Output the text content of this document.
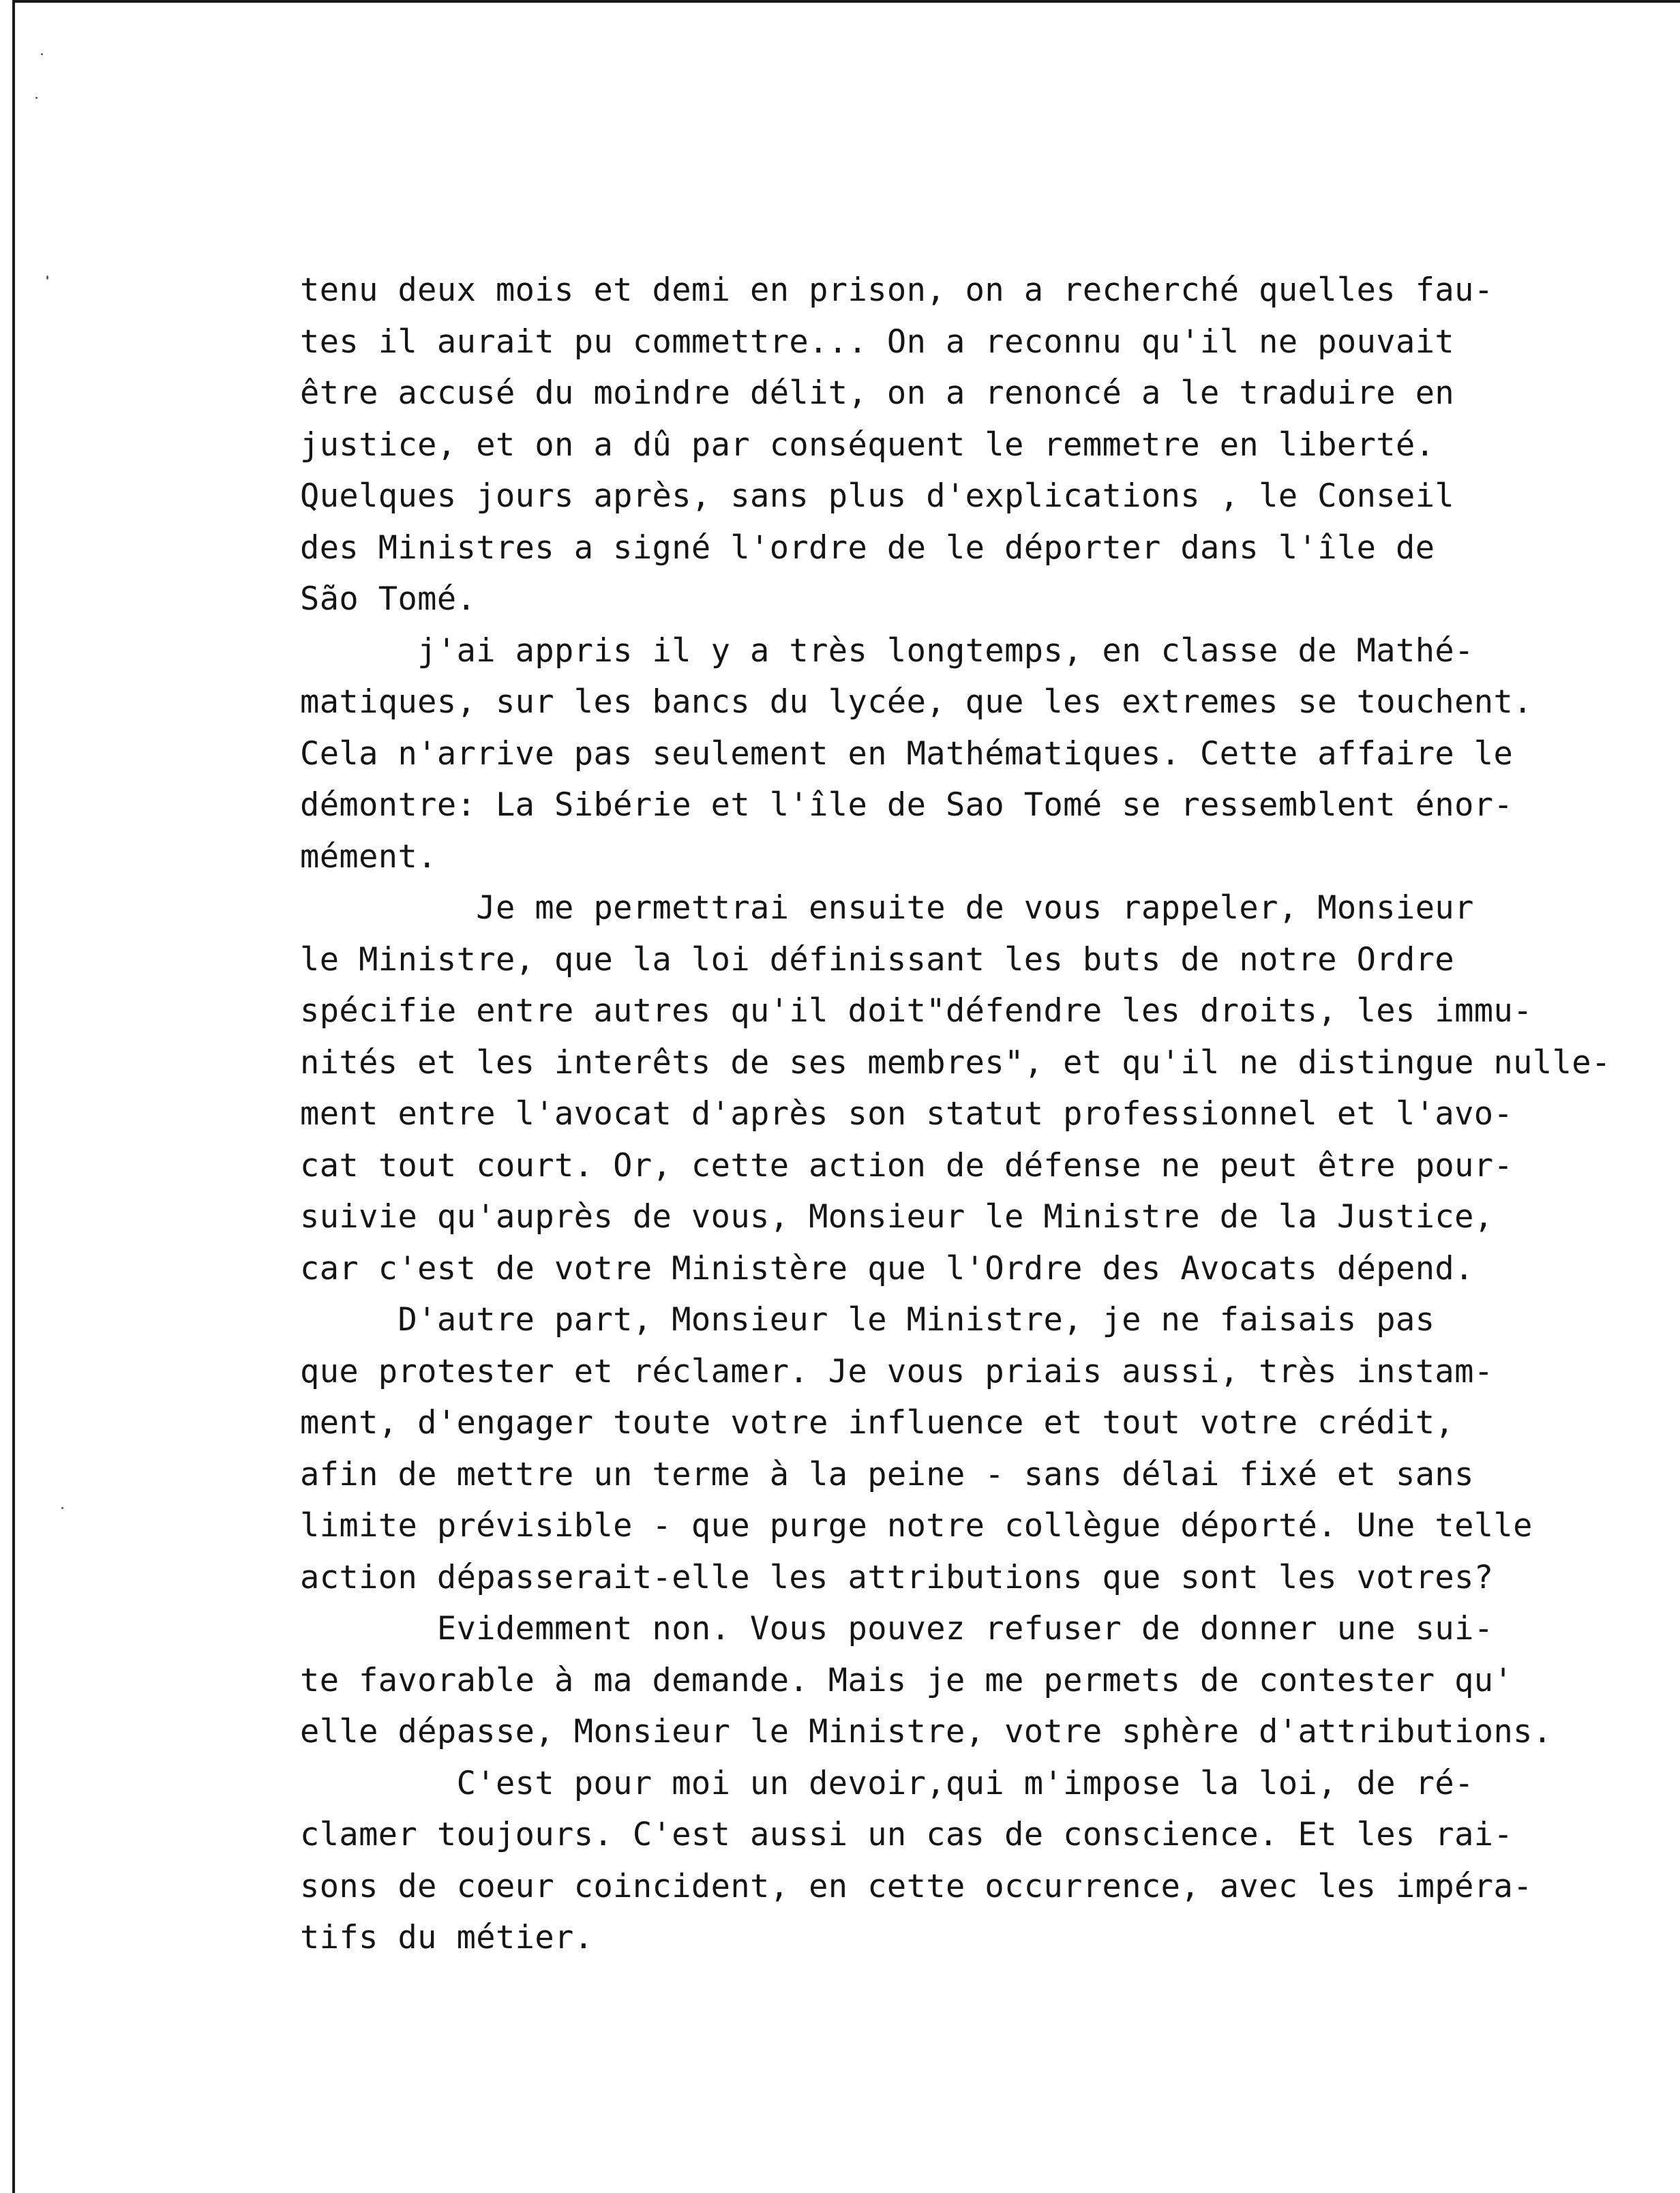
tenu deux mois et demi en prison, on a recherché quelles fau-
tes il aurait pu commettre... On a reconnu qu'il ne pouvait
être accusé du moindre délit, on a renoncé a le traduire en
justice, et on a dû par conséquent le remmetre en liberté.
Quelques jours après, sans plus d'explications , le Conseil
des Ministres a signé l'ordre de le déporter dans l'île de
São Tomé.
j'ai appris il y a très longtemps, en classe de Mathé-
matiques, sur les bancs du lycée, que les extremes se touchent.
Cela n'arrive pas seulement en Mathématiques. Cette affaire le
démontre: La Sibérie et l'île de Sao Tomé se ressemblent énor-
mément.
Je me permettrai ensuite de vous rappeler, Monsieur
le Ministre, que la loi définissant les buts de notre Ordre
spécifie entre autres qu'il doit"défendre les droits, les immu-
nités et les interêts de ses membres", et qu'il ne distingue nulle-
ment entre l'avocat d'après son statut professionnel et l'avo-
cat tout court. Or, cette action de défense ne peut être pour-
suivie qu'auprès de vous, Monsieur le Ministre de la Justice,
car c'est de votre Ministère que l'Ordre des Avocats dépend.
D'autre part, Monsieur le Ministre, je ne faisais pas
que protester et réclamer. Je vous priais aussi, très instam-
ment, d'engager toute votre influence et tout votre crédit,
afin de mettre un terme à la peine - sans délai fixé et sans
limite prévisible - que purge notre collègue déporté. Une telle
action dépasserait-elle les attributions que sont les votres?
Evidemment non. Vous pouvez refuser de donner une sui-
te favorable à ma demande. Mais je me permets de contester qu'
elle dépasse, Monsieur le Ministre, votre sphère d'attributions.
C'est pour moi un devoir,qui m'impose la loi, de ré-
clamer toujours. C'est aussi un cas de conscience. Et les rai-
sons de coeur coincident, en cette occurrence, avec les impéra-
tifs du métier.
